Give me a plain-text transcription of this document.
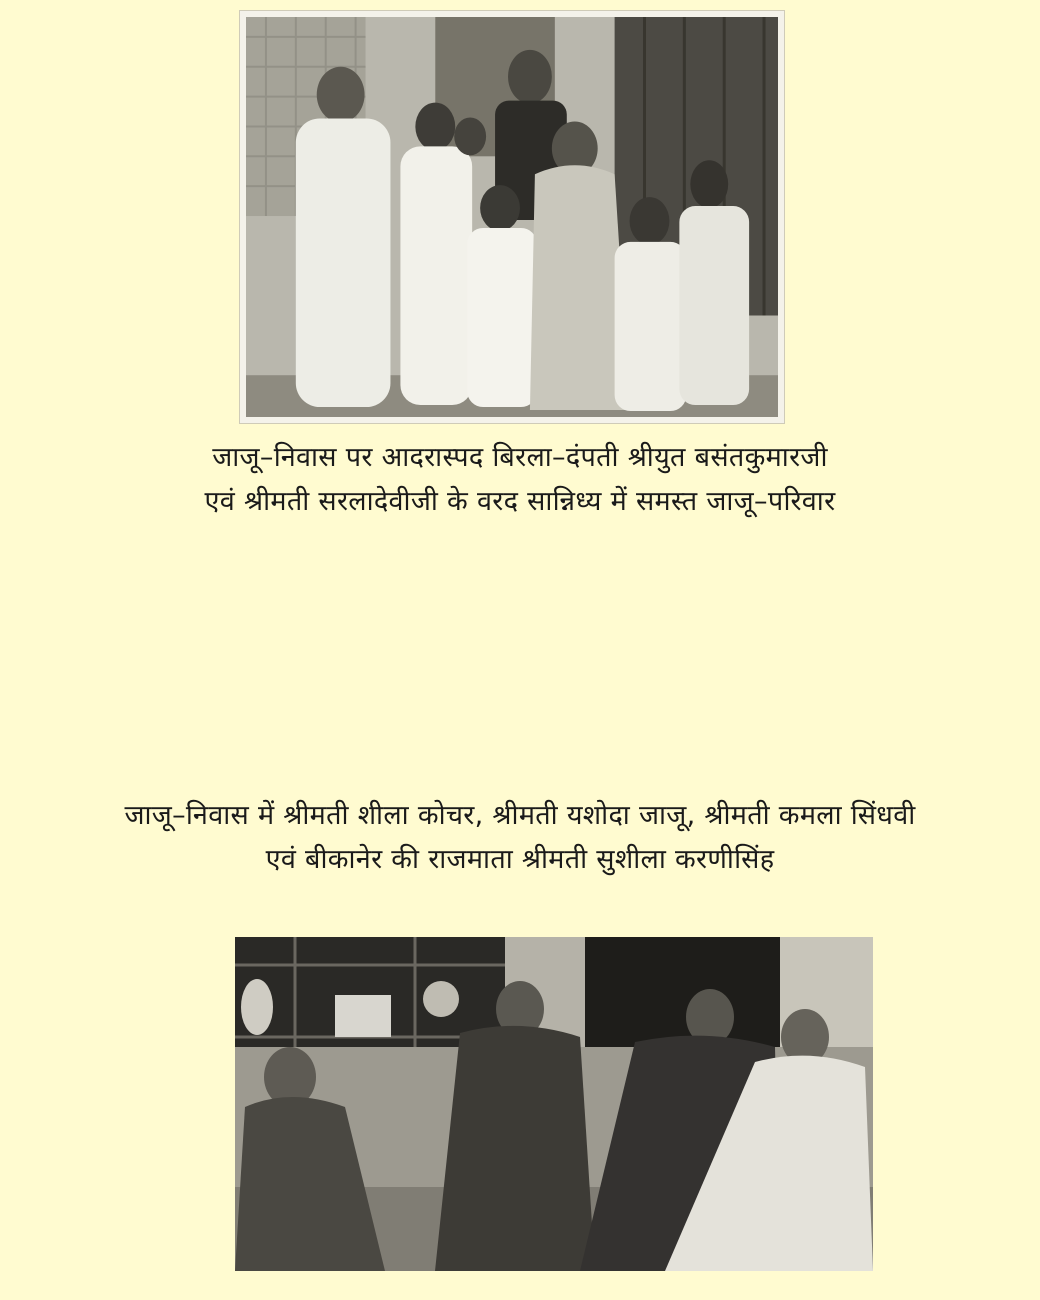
जाजू–निवास पर आदरास्पद बिरला–दंपती श्रीयुत बसंतकुमारजी
एवं श्रीमती सरलादेवीजी के वरद सान्निध्य में समस्त जाजू–परिवार
जाजू–निवास में श्रीमती शीला कोचर, श्रीमती यशोदा जाजू, श्रीमती कमला सिंधवी
एवं बीकानेर की राजमाता श्रीमती सुशीला करणीसिंह
